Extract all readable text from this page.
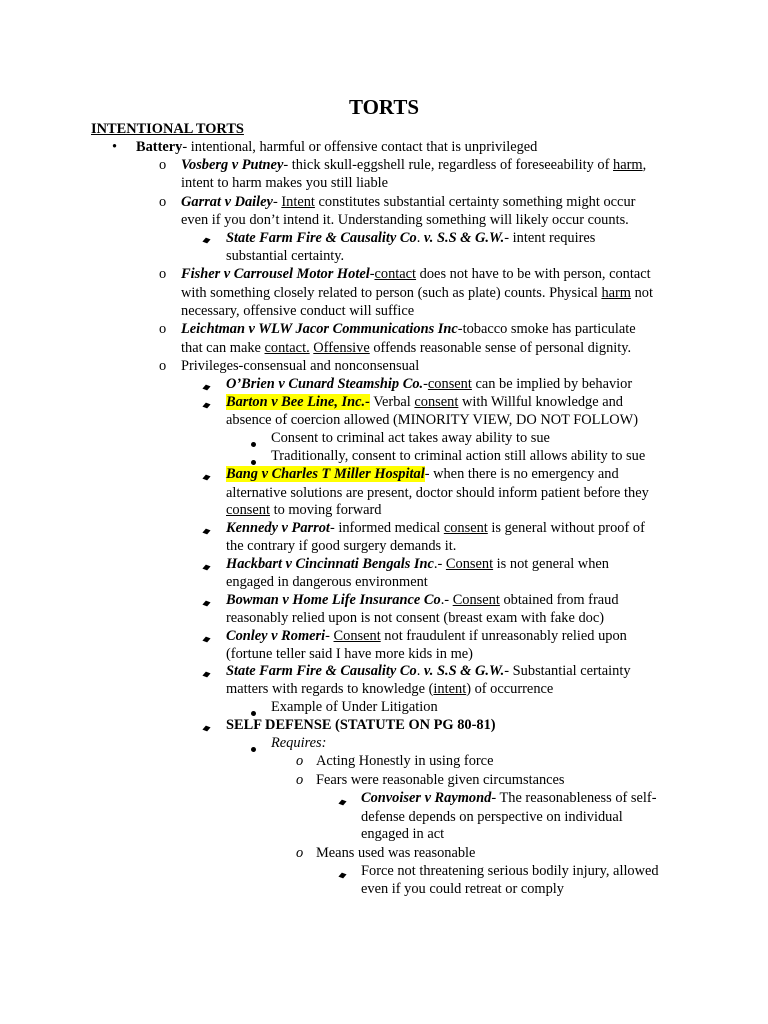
TORTS
INTENTIONAL TORTS
• Battery- intentional, harmful or offensive contact that is unprivileged
o Vosberg v Putney- thick skull-eggshell rule, regardless of foreseeability of harm,
intent to harm makes you still liable
o Garrat v Dailey- Intent constitutes substantial certainty something might occur
even if you don’t intend it. Understanding something will likely occur counts.
State Farm Fire & Causality Co. v. S.S & G.W.- intent requires
substantial certainty.
o Fisher v Carrousel Motor Hotel-contact does not have to be with person, contact
with something closely related to person (such as plate) counts. Physical harm not
necessary, offensive conduct will suffice
o Leichtman v WLW Jacor Communications Inc-tobacco smoke has particulate
that can make contact. Offensive offends reasonable sense of personal dignity.
o Privileges-consensual and nonconsensual
O’Brien v Cunard Steamship Co.-consent can be implied by behavior
Barton v Bee Line, Inc.- Verbal consent with Willful knowledge and
absence of coercion allowed (MINORITY VIEW, DO NOT FOLLOW)
Consent to criminal act takes away ability to sue
Traditionally, consent to criminal action still allows ability to sue
Bang v Charles T Miller Hospital- when there is no emergency and
alternative solutions are present, doctor should inform patient before they
consent to moving forward
Kennedy v Parrot- informed medical consent is general without proof of
the contrary if good surgery demands it.
Hackbart v Cincinnati Bengals Inc.- Consent is not general when
engaged in dangerous environment
Bowman v Home Life Insurance Co.- Consent obtained from fraud
reasonably relied upon is not consent (breast exam with fake doc)
Conley v Romeri- Consent not fraudulent if unreasonably relied upon
(fortune teller said I have more kids in me)
State Farm Fire & Causality Co. v. S.S & G.W.- Substantial certainty
matters with regards to knowledge (intent) of occurrence
Example of Under Litigation
SELF DEFENSE (STATUTE ON PG 80-81)
Requires:
o Acting Honestly in using force
o Fears were reasonable given circumstances
Convoiser v Raymond- The reasonableness of self-
defense depends on perspective on individual
engaged in act
o Means used was reasonable
Force not threatening serious bodily injury, allowed
even if you could retreat or comply
